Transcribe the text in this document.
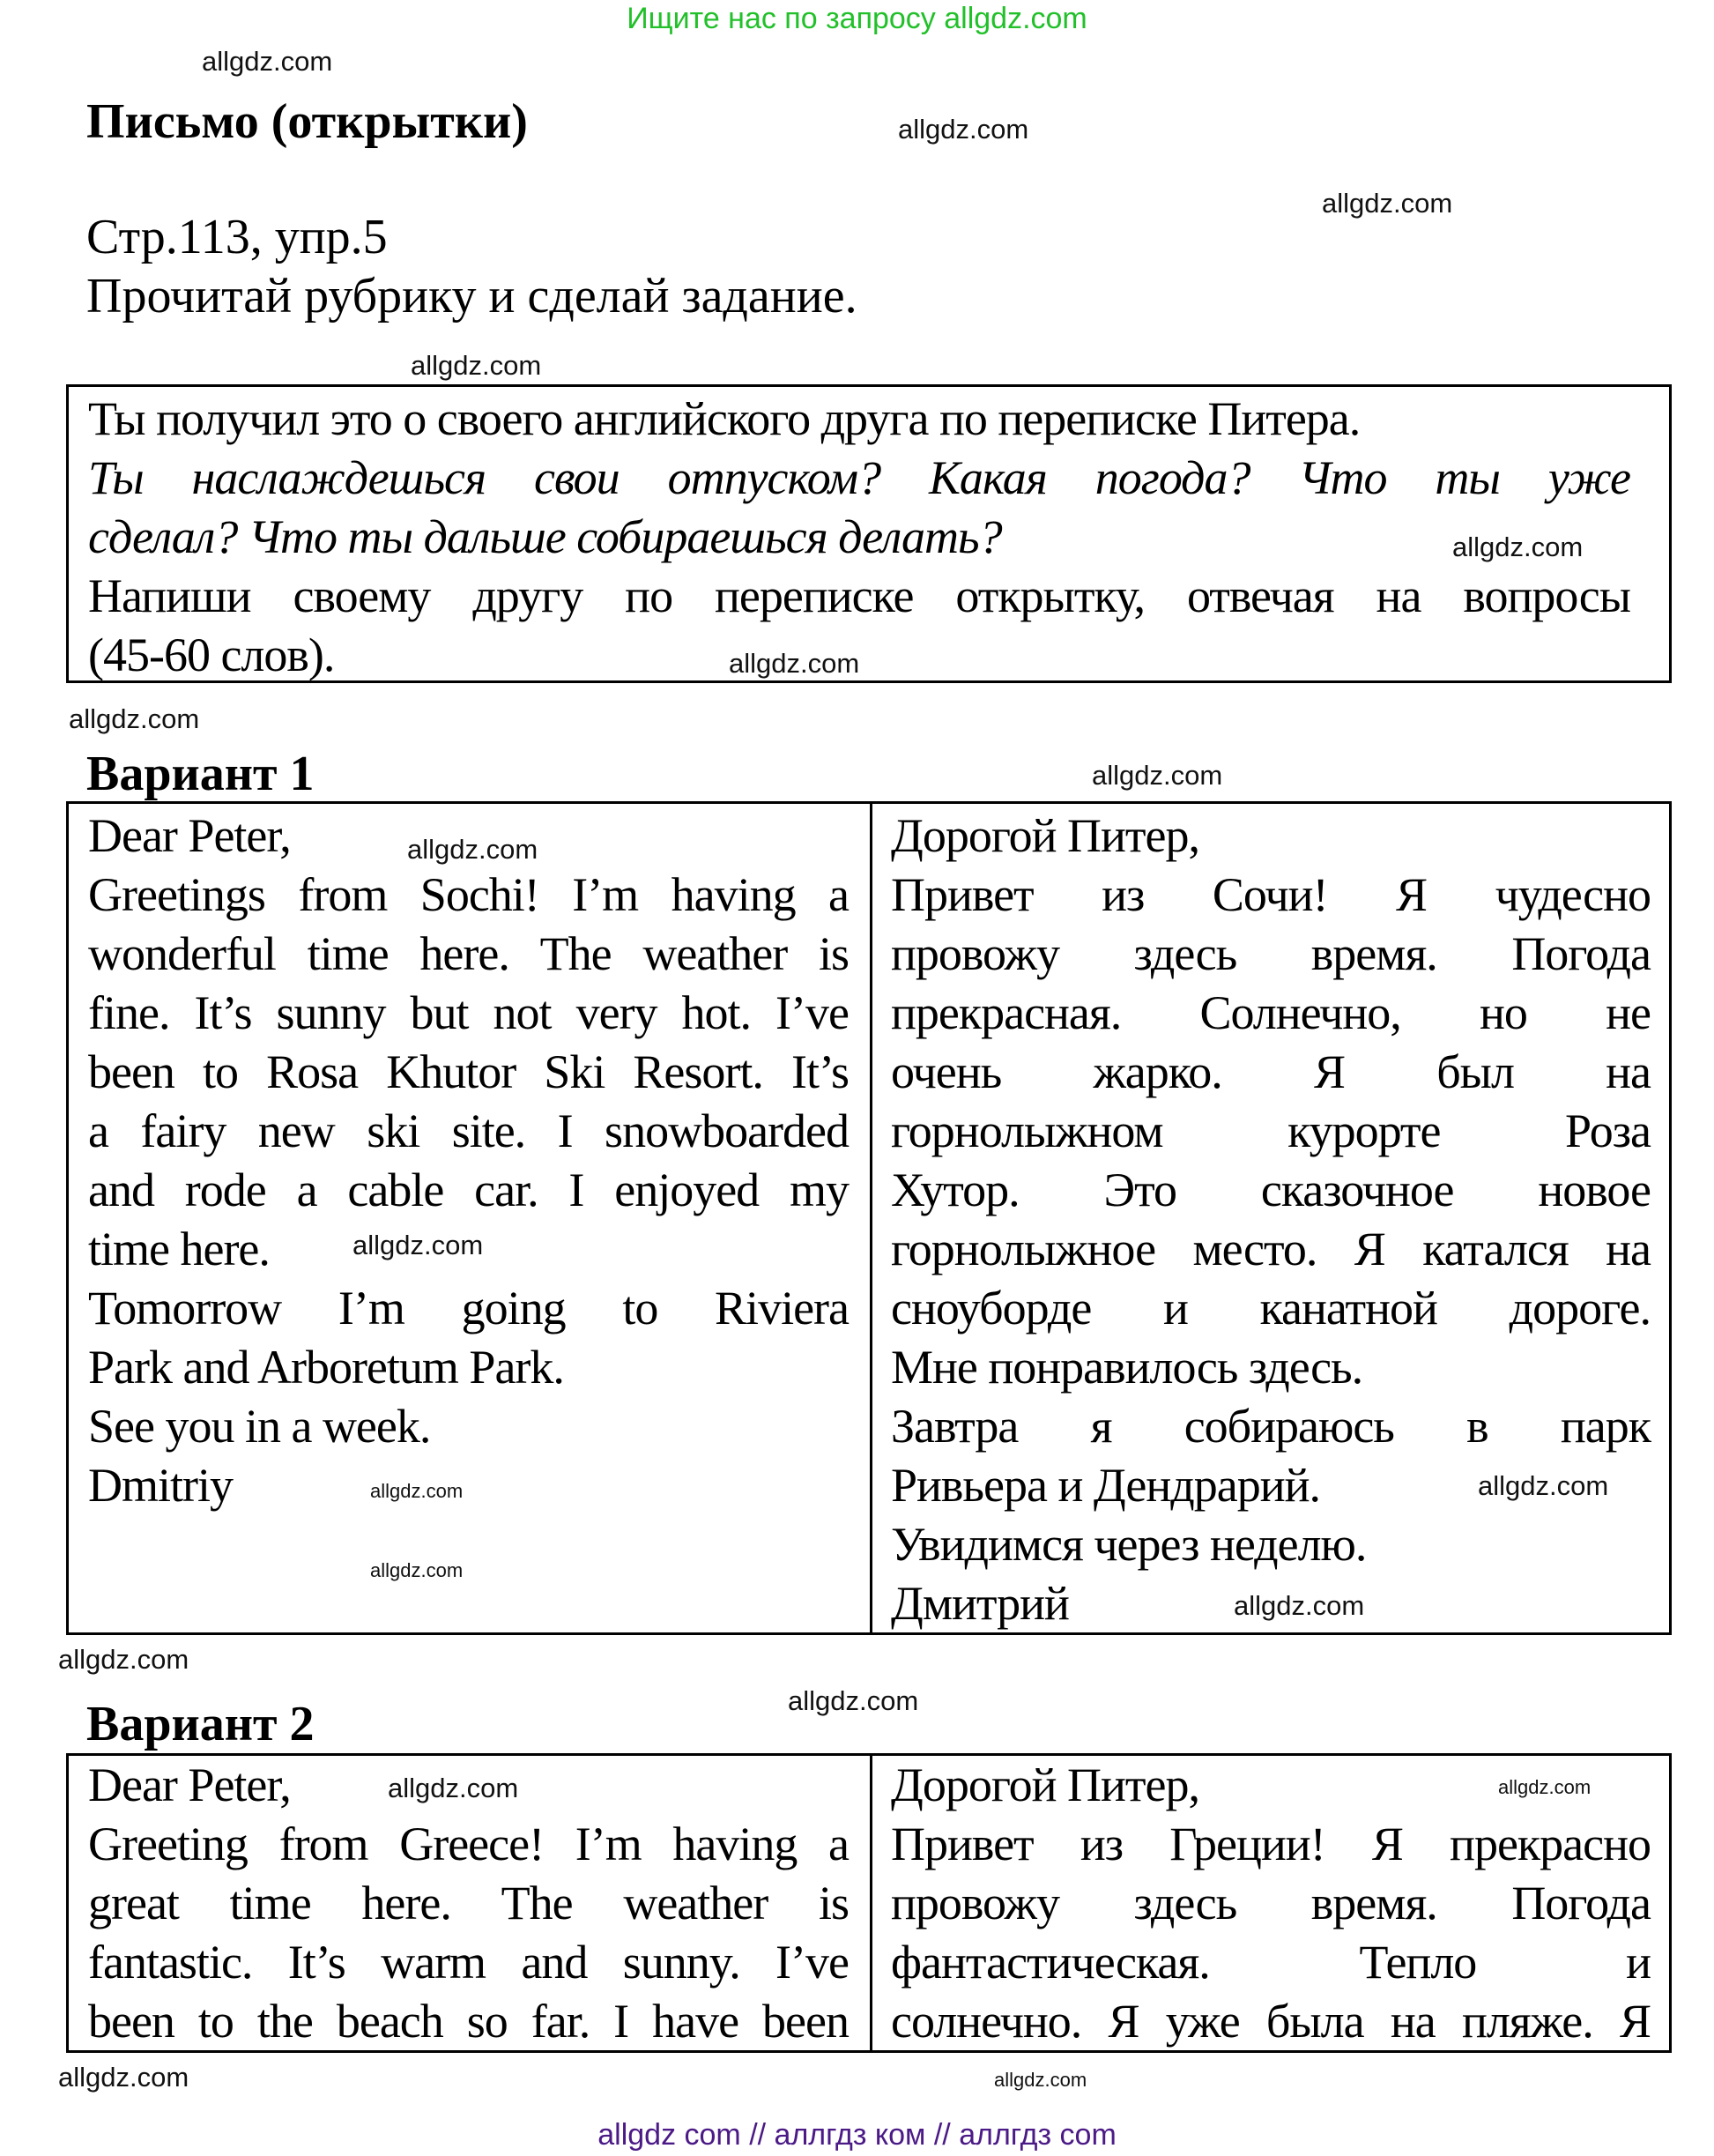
Ищите нас по запросу allgdz.com
Письмо (открытки)
Стр.113, упр.5
Прочитай рубрику и сделай задание.
Ты получил это о своего английского друга по переписке Питера.
Ты наслаждешься свои отпуском? Какая погода? Что ты уже
сделал? Что ты дальше собираешься делать?
Напиши своему другу по переписке открытку, отвечая на вопросы
(45-60 слов).
Вариант 1
Dear Peter,
Greetings from Sochi! I’m having a
wonderful time here. The weather is
fine. It’s sunny but not very hot. I’ve
been to Rosa Khutor Ski Resort. It’s
a fairy new ski site. I snowboarded
and rode a cable car. I enjoyed my
time here.
Tomorrow I’m going to Riviera
Park and Arboretum Park.
See you in a week.
Dmitriy
Дорогой Питер,
Привет из Сочи! Я чудесно
провожу здесь время. Погода
прекрасная. Солнечно, но не
очень жарко. Я был на
горнолыжном курорте Роза
Хутор. Это сказочное новое
горнолыжное место. Я катался на
сноуборде и канатной дороге.
Мне понравилось здесь.
Завтра я собираюсь в парк
Ривьера и Дендрарий.
Увидимся через неделю.
Дмитрий
Вариант 2
Dear Peter,
Greeting from Greece! I’m having a
great time here. The weather is
fantastic. It’s warm and sunny. I’ve
been to the beach so far. I have been
Дорогой Питер,
Привет из Греции! Я прекрасно
провожу здесь время. Погода
фантастическая. Тепло и
солнечно. Я уже была на пляже. Я
allgdz.com
allgdz.com
allgdz.com
allgdz.com
allgdz.com
allgdz.com
allgdz.com
allgdz.com
allgdz.com
allgdz.com
allgdz.com
allgdz.com
allgdz.com
allgdz.com
allgdz.com
allgdz.com
allgdz.com	allgdz.com
allgdz.com
allgdz.com
allgdz com // аллгдз ком // аллгдз com
